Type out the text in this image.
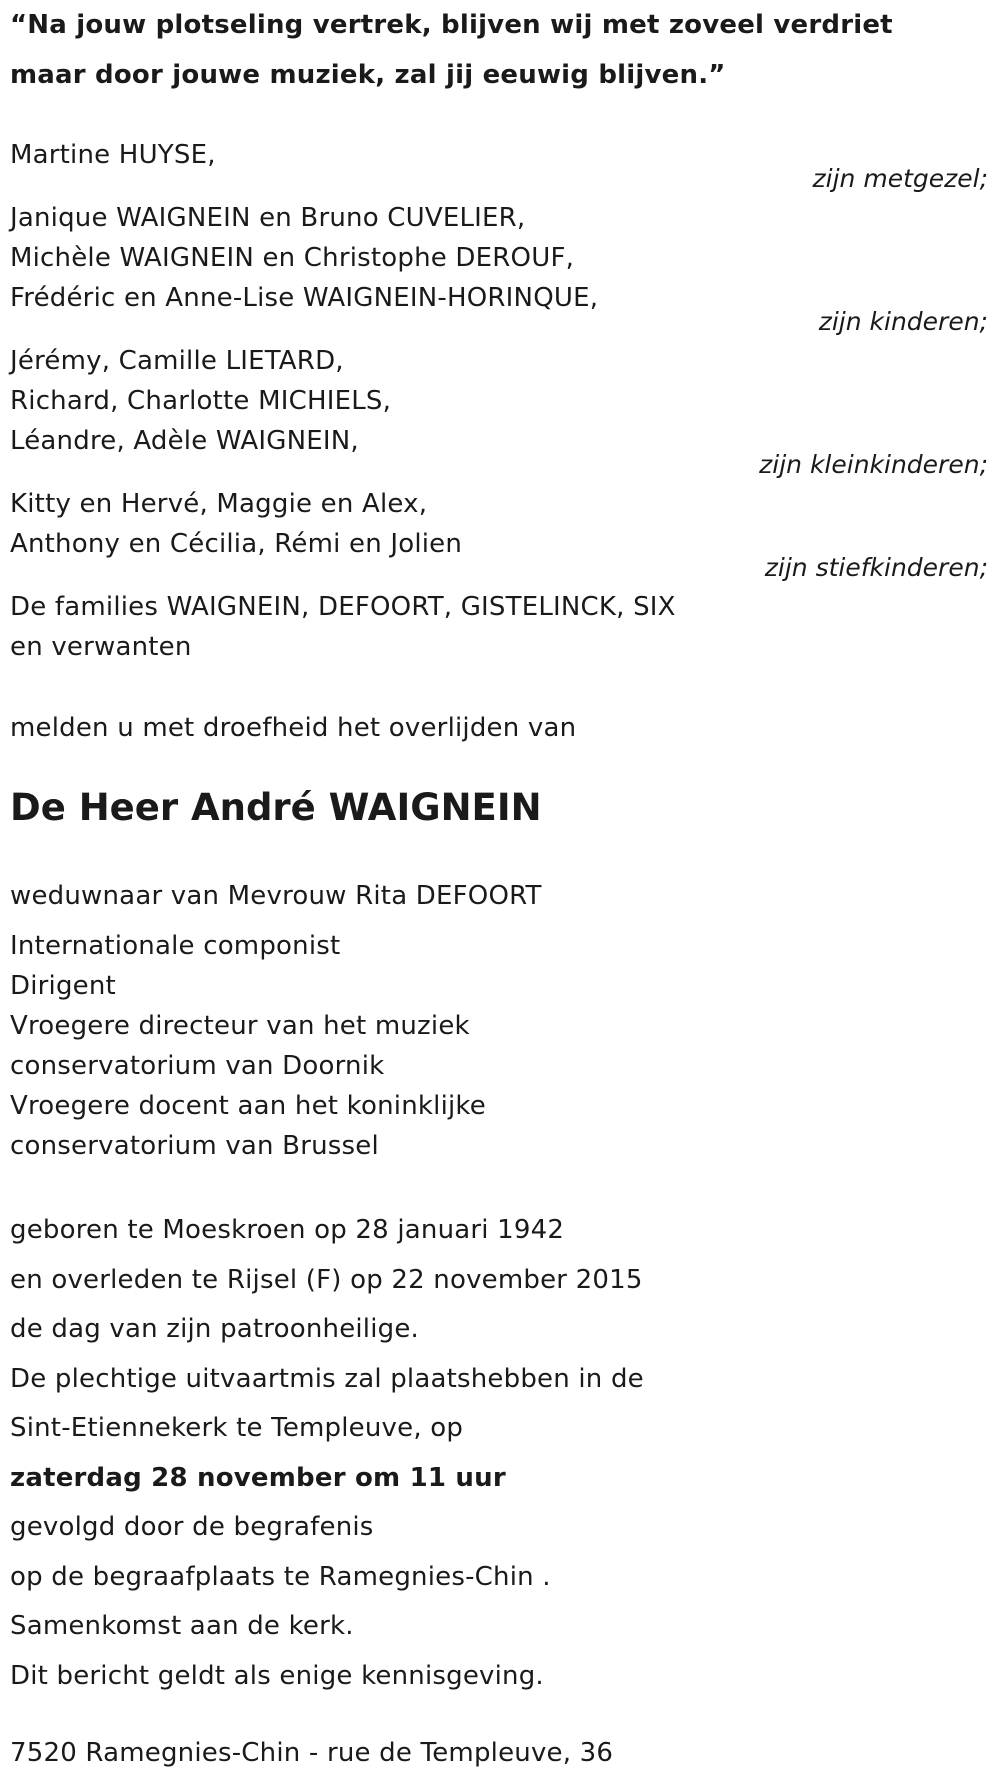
“Na jouw plotseling vertrek, blijven wij met zoveel verdriet
maar door jouwe muziek, zal jij eeuwig blijven.”
Martine HUYSE,
zijn metgezel;
Janique WAIGNEIN en Bruno CUVELIER,
Michèle WAIGNEIN en Christophe DEROUF,
Frédéric en Anne-Lise WAIGNEIN-HORINQUE,
zijn kinderen;
Jérémy, Camille LIETARD,
Richard, Charlotte MICHIELS,
Léandre, Adèle WAIGNEIN,
zijn kleinkinderen;
Kitty en Hervé, Maggie en Alex,
Anthony en Cécilia, Rémi en Jolien
zijn stiefkinderen;
De families WAIGNEIN, DEFOORT, GISTELINCK, SIX
en verwanten
melden u met droefheid het overlijden van
De Heer André WAIGNEIN
weduwnaar van Mevrouw Rita DEFOORT
Internationale componist
Dirigent
Vroegere directeur van het muziek
conservatorium van Doornik
Vroegere docent aan het koninklijke
conservatorium van Brussel
geboren te Moeskroen op 28 januari 1942
en overleden te Rijsel (F) op 22 november 2015
de dag van zijn patroonheilige.
De plechtige uitvaartmis zal plaatshebben in de
Sint-Etiennekerk te Templeuve, op
zaterdag 28 november om 11 uur
gevolgd door de begrafenis
op de begraafplaats te Ramegnies-Chin .
Samenkomst aan de kerk.
Dit bericht geldt als enige kennisgeving.
7520 Ramegnies-Chin - rue de Templeuve, 36
